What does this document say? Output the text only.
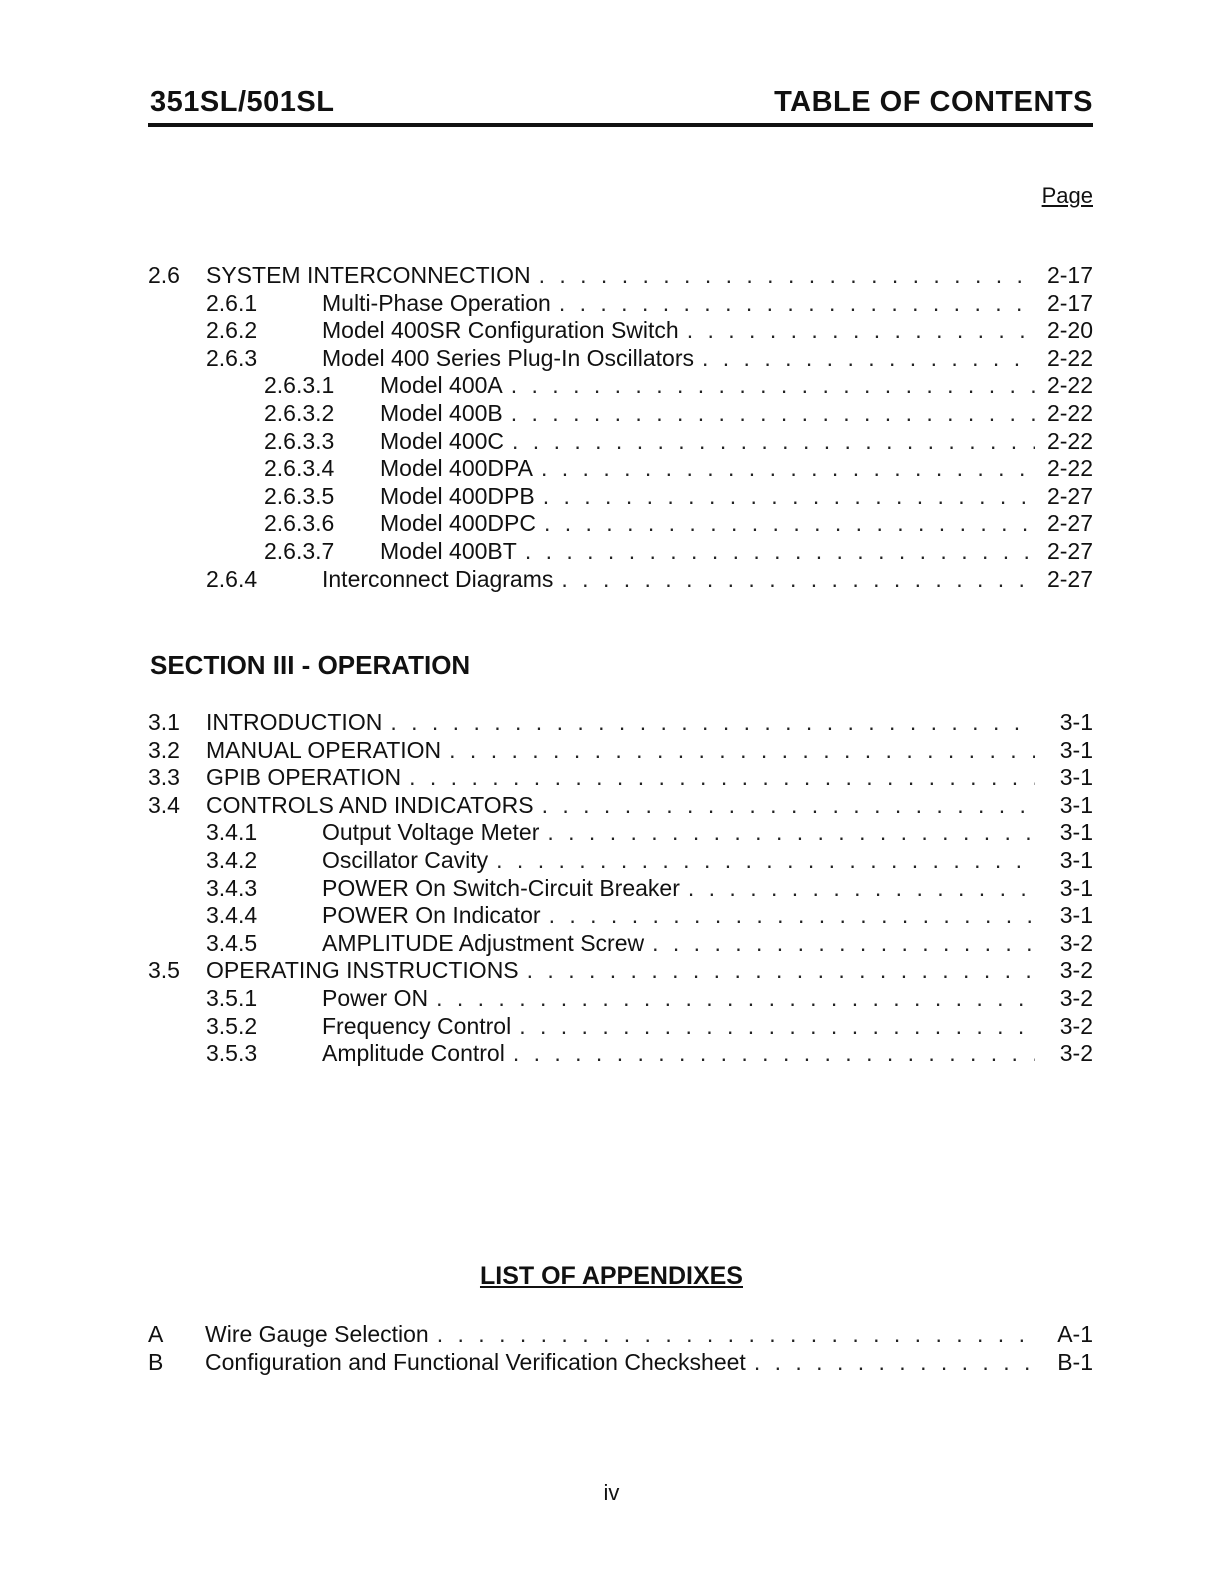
351SL/501SL	TABLE OF CONTENTS
Page
2.6	SYSTEM INTERCONNECTION . . .	2-17
2.6.1	Multi-Phase Operation . . .	2-17
2.6.2	Model 400SR Configuration Switch . . .	2-20
2.6.3	Model 400 Series Plug-In Oscillators . . .	2-22
2.6.3.1	Model 400A . . .	2-22
2.6.3.2	Model 400B . . .	2-22
2.6.3.3	Model 400C . . .	2-22
2.6.3.4	Model 400DPA . . .	2-22
2.6.3.5	Model 400DPB . . .	2-27
2.6.3.6	Model 400DPC . . .	2-27
2.6.3.7	Model 400BT . . .	2-27
2.6.4	Interconnect Diagrams . . .	2-27
SECTION III - OPERATION
3.1	INTRODUCTION . . .	3-1
3.2	MANUAL OPERATION . . .	3-1
3.3	GPIB OPERATION . . .	3-1
3.4	CONTROLS AND INDICATORS . . .	3-1
3.4.1	Output Voltage Meter . . .	3-1
3.4.2	Oscillator Cavity . . .	3-1
3.4.3	POWER On Switch-Circuit Breaker . . .	3-1
3.4.4	POWER On Indicator . . .	3-1
3.4.5	AMPLITUDE Adjustment Screw . . .	3-2
3.5	OPERATING INSTRUCTIONS . . .	3-2
3.5.1	Power ON . . .	3-2
3.5.2	Frequency Control . . .	3-2
3.5.3	Amplitude Control . . .	3-2
LIST OF APPENDIXES
A	Wire Gauge Selection . . .	A-1
B	Configuration and Functional Verification Checksheet . . .	B-1
iv
